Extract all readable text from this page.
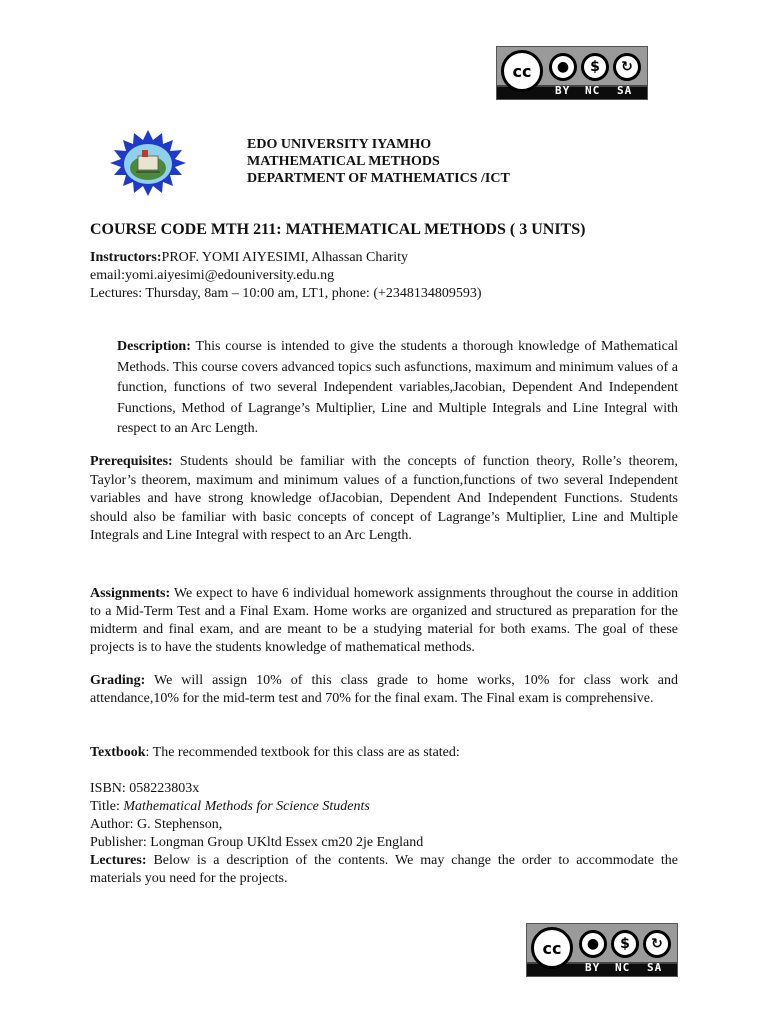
cc	●	$	↻
BY NC SA
EDO UNIVERSITY IYAMHO
MATHEMATICAL METHODS
DEPARTMENT OF MATHEMATICS /ICT
COURSE CODE MTH 211: MATHEMATICAL METHODS ( 3 UNITS)
Instructors:PROF. YOMI AIYESIMI, Alhassan Charity
email:yomi.aiyesimi@edouniversity.edu.ng
Lectures: Thursday, 8am – 10:00 am, LT1, phone: (+2348134809593)
Description: This course is intended to give the students a thorough knowledge of Mathematical Methods. This course covers advanced topics such asfunctions, maximum and minimum values of a function, functions of two several Independent variables,Jacobian, Dependent And Independent Functions, Method of Lagrange’s Multiplier, Line and Multiple Integrals and Line Integral with respect to an Arc Length.
Prerequisites: Students should be familiar with the concepts of function theory, Rolle’s theorem, Taylor’s theorem, maximum and minimum values of a function,functions of two several Independent variables and have strong knowledge ofJacobian, Dependent And Independent Functions. Students should also be familiar with basic concepts of concept of Lagrange’s Multiplier, Line and Multiple Integrals and Line Integral with respect to an Arc Length.
Assignments: We expect to have 6 individual homework assignments throughout the course in addition to a Mid-Term Test and a Final Exam. Home works are organized and structured as preparation for the midterm and final exam, and are meant to be a studying material for both exams. The goal of these projects is to have the students knowledge of mathematical methods.
Grading: We will assign 10% of this class grade to home works, 10% for class work and attendance,10% for the mid-term test and 70% for the final exam. The Final exam is comprehensive.
Textbook: The recommended textbook for this class are as stated:
ISBN: 058223803x
Title: Mathematical Methods for Science Students
Author: G. Stephenson,
Publisher: Longman Group UKltd Essex cm20 2je England
Lectures: Below is a description of the contents. We may change the order to accommodate the materials you need for the projects.
cc	●	$	↻
BY NC SA
